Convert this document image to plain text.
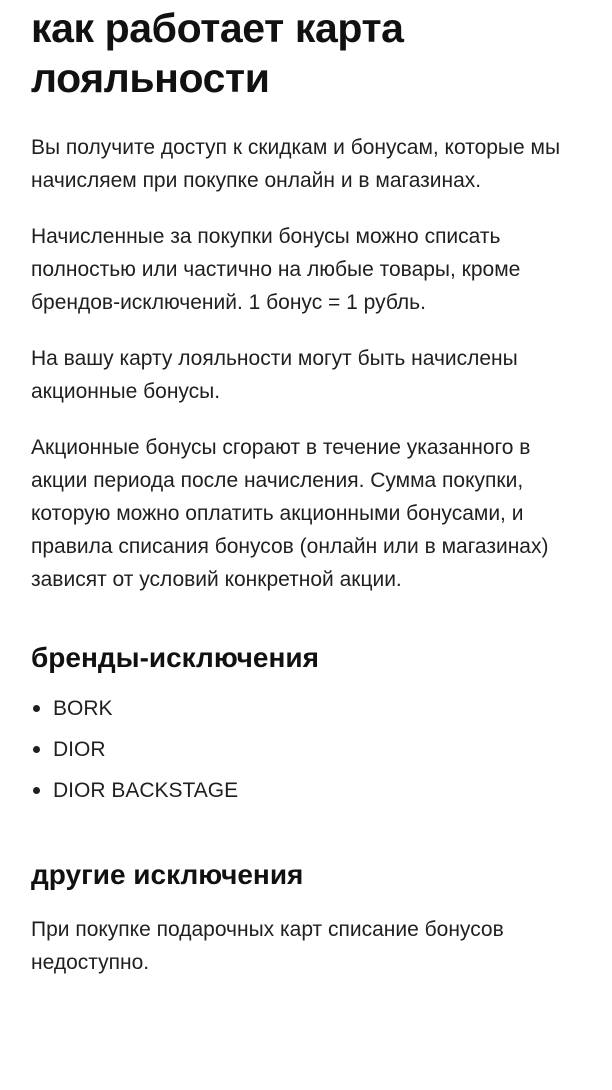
как работает карта лояльности

Вы получите доступ к скидкам и бонусам, которые мы начисляем при покупке онлайн и в магазинах.

Начисленные за покупки бонусы можно списать полностью или частично на любые товары, кроме брендов-исключений. 1 бонус = 1 рубль.

На вашу карту лояльности могут быть начислены акционные бонусы.

Акционные бонусы сгорают в течение указанного в акции периода после начисления. Сумма покупки, которую можно оплатить акционными бонусами, и правила списания бонусов (онлайн или в магазинах) зависят от условий конкретной акции.

бренды-исключения
BORK
DIOR
DIOR BACKSTAGE
другие исключения

При покупке подарочных карт списание бонусов недоступно.
